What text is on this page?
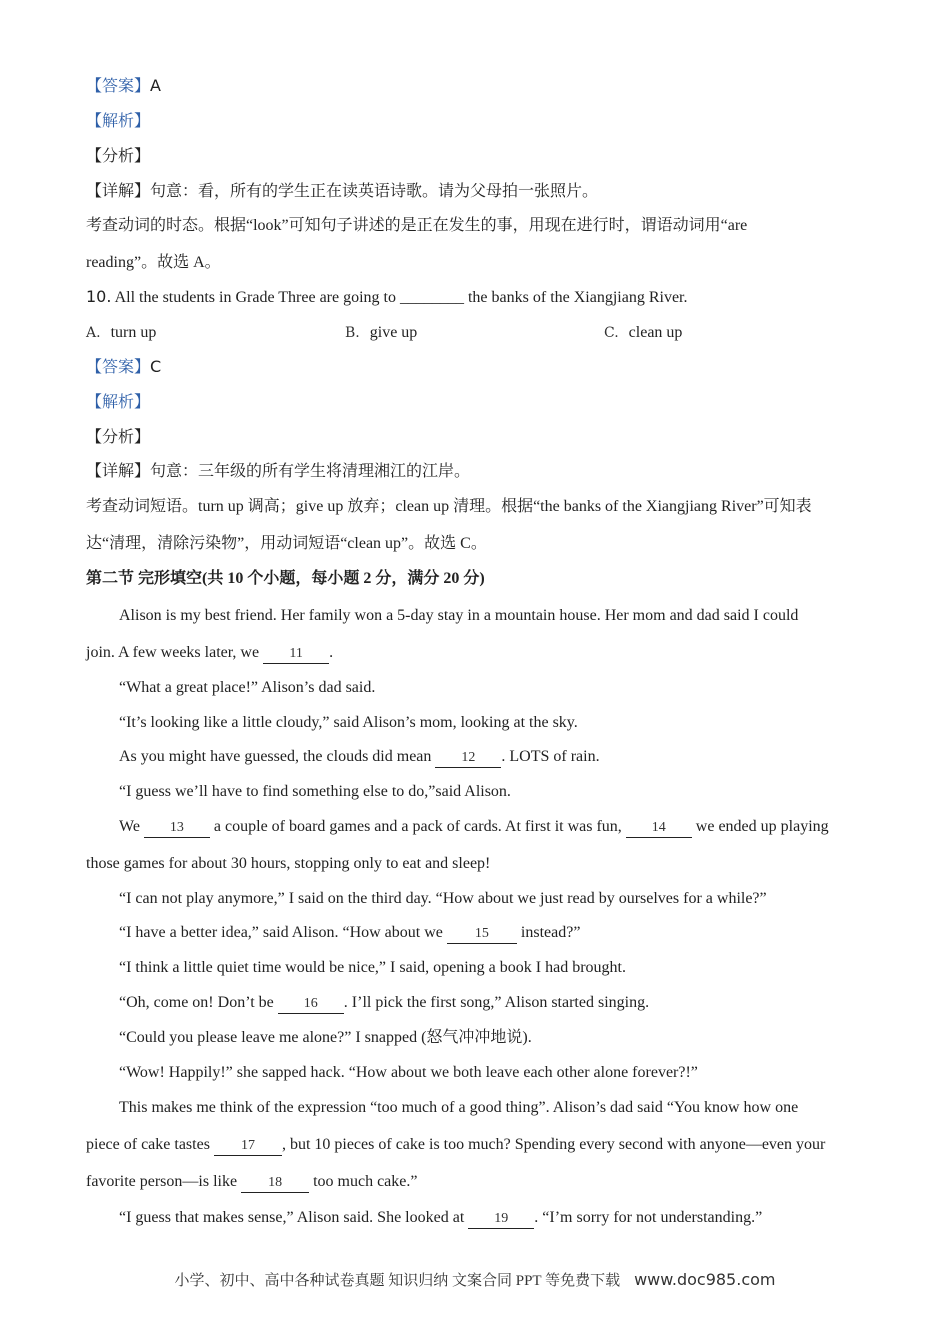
【答案】A
【解析】
【分析】
【详解】句意：看，所有的学生正在读英语诗歌。请为父母拍一张照片。
考查动词的时态。根据“look”可知句子讲述的是正在发生的事，用现在进行时，谓语动词用“are
reading”。故选 A。
10. All the students in Grade Three are going to ________ the banks of the Xiangjiang River.
A. turn up	B. give up	C. clean up
【答案】C
【解析】
【分析】
【详解】句意：三年级的所有学生将清理湘江的江岸。
考查动词短语。turn up 调高；give up 放弃；clean up 清理。根据“the banks of the Xiangjiang River”可知表
达“清理，清除污染物”，用动词短语“clean up”。故选 C。
第二节 完形填空(共 10 个小题，每小题 2 分，满分 20 分)
Alison is my best friend. Her family won a 5-day stay in a mountain house. Her mom and dad said I could
join. A few weeks later, we 11 .
“What a great place!” Alison’s dad said.
“It’s looking like a little cloudy,” said Alison’s mom, looking at the sky.
As you might have guessed, the clouds did mean 12 . LOTS of rain.
“I guess we’ll have to find something else to do,”said Alison.
We 13 a couple of board games and a pack of cards. At first it was fun, 14 we ended up playing
those games for about 30 hours, stopping only to eat and sleep!
“I can not play anymore,” I said on the third day. “How about we just read by ourselves for a while?”
“I have a better idea,” said Alison. “How about we 15 instead?”
“I think a little quiet time would be nice,” I said, opening a book I had brought.
“Oh, come on! Don’t be 16 . I’ll pick the first song,” Alison started singing.
“Could you please leave me alone?” I snapped (怒气冲冲地说).
“Wow! Happily!” she sapped hack. “How about we both leave each other alone forever?!”
This makes me think of the expression “too much of a good thing”. Alison’s dad said “You know how one
piece of cake tastes 17 , but 10 pieces of cake is too much? Spending every second with anyone—even your
favorite person—is like 18 too much cake.”
“I guess that makes sense,” Alison said. She looked at 19 . “I’m sorry for not understanding.”
小学、初中、高中各种试卷真题 知识归纳 文案合同 PPT 等免费下载 www.doc985.com
